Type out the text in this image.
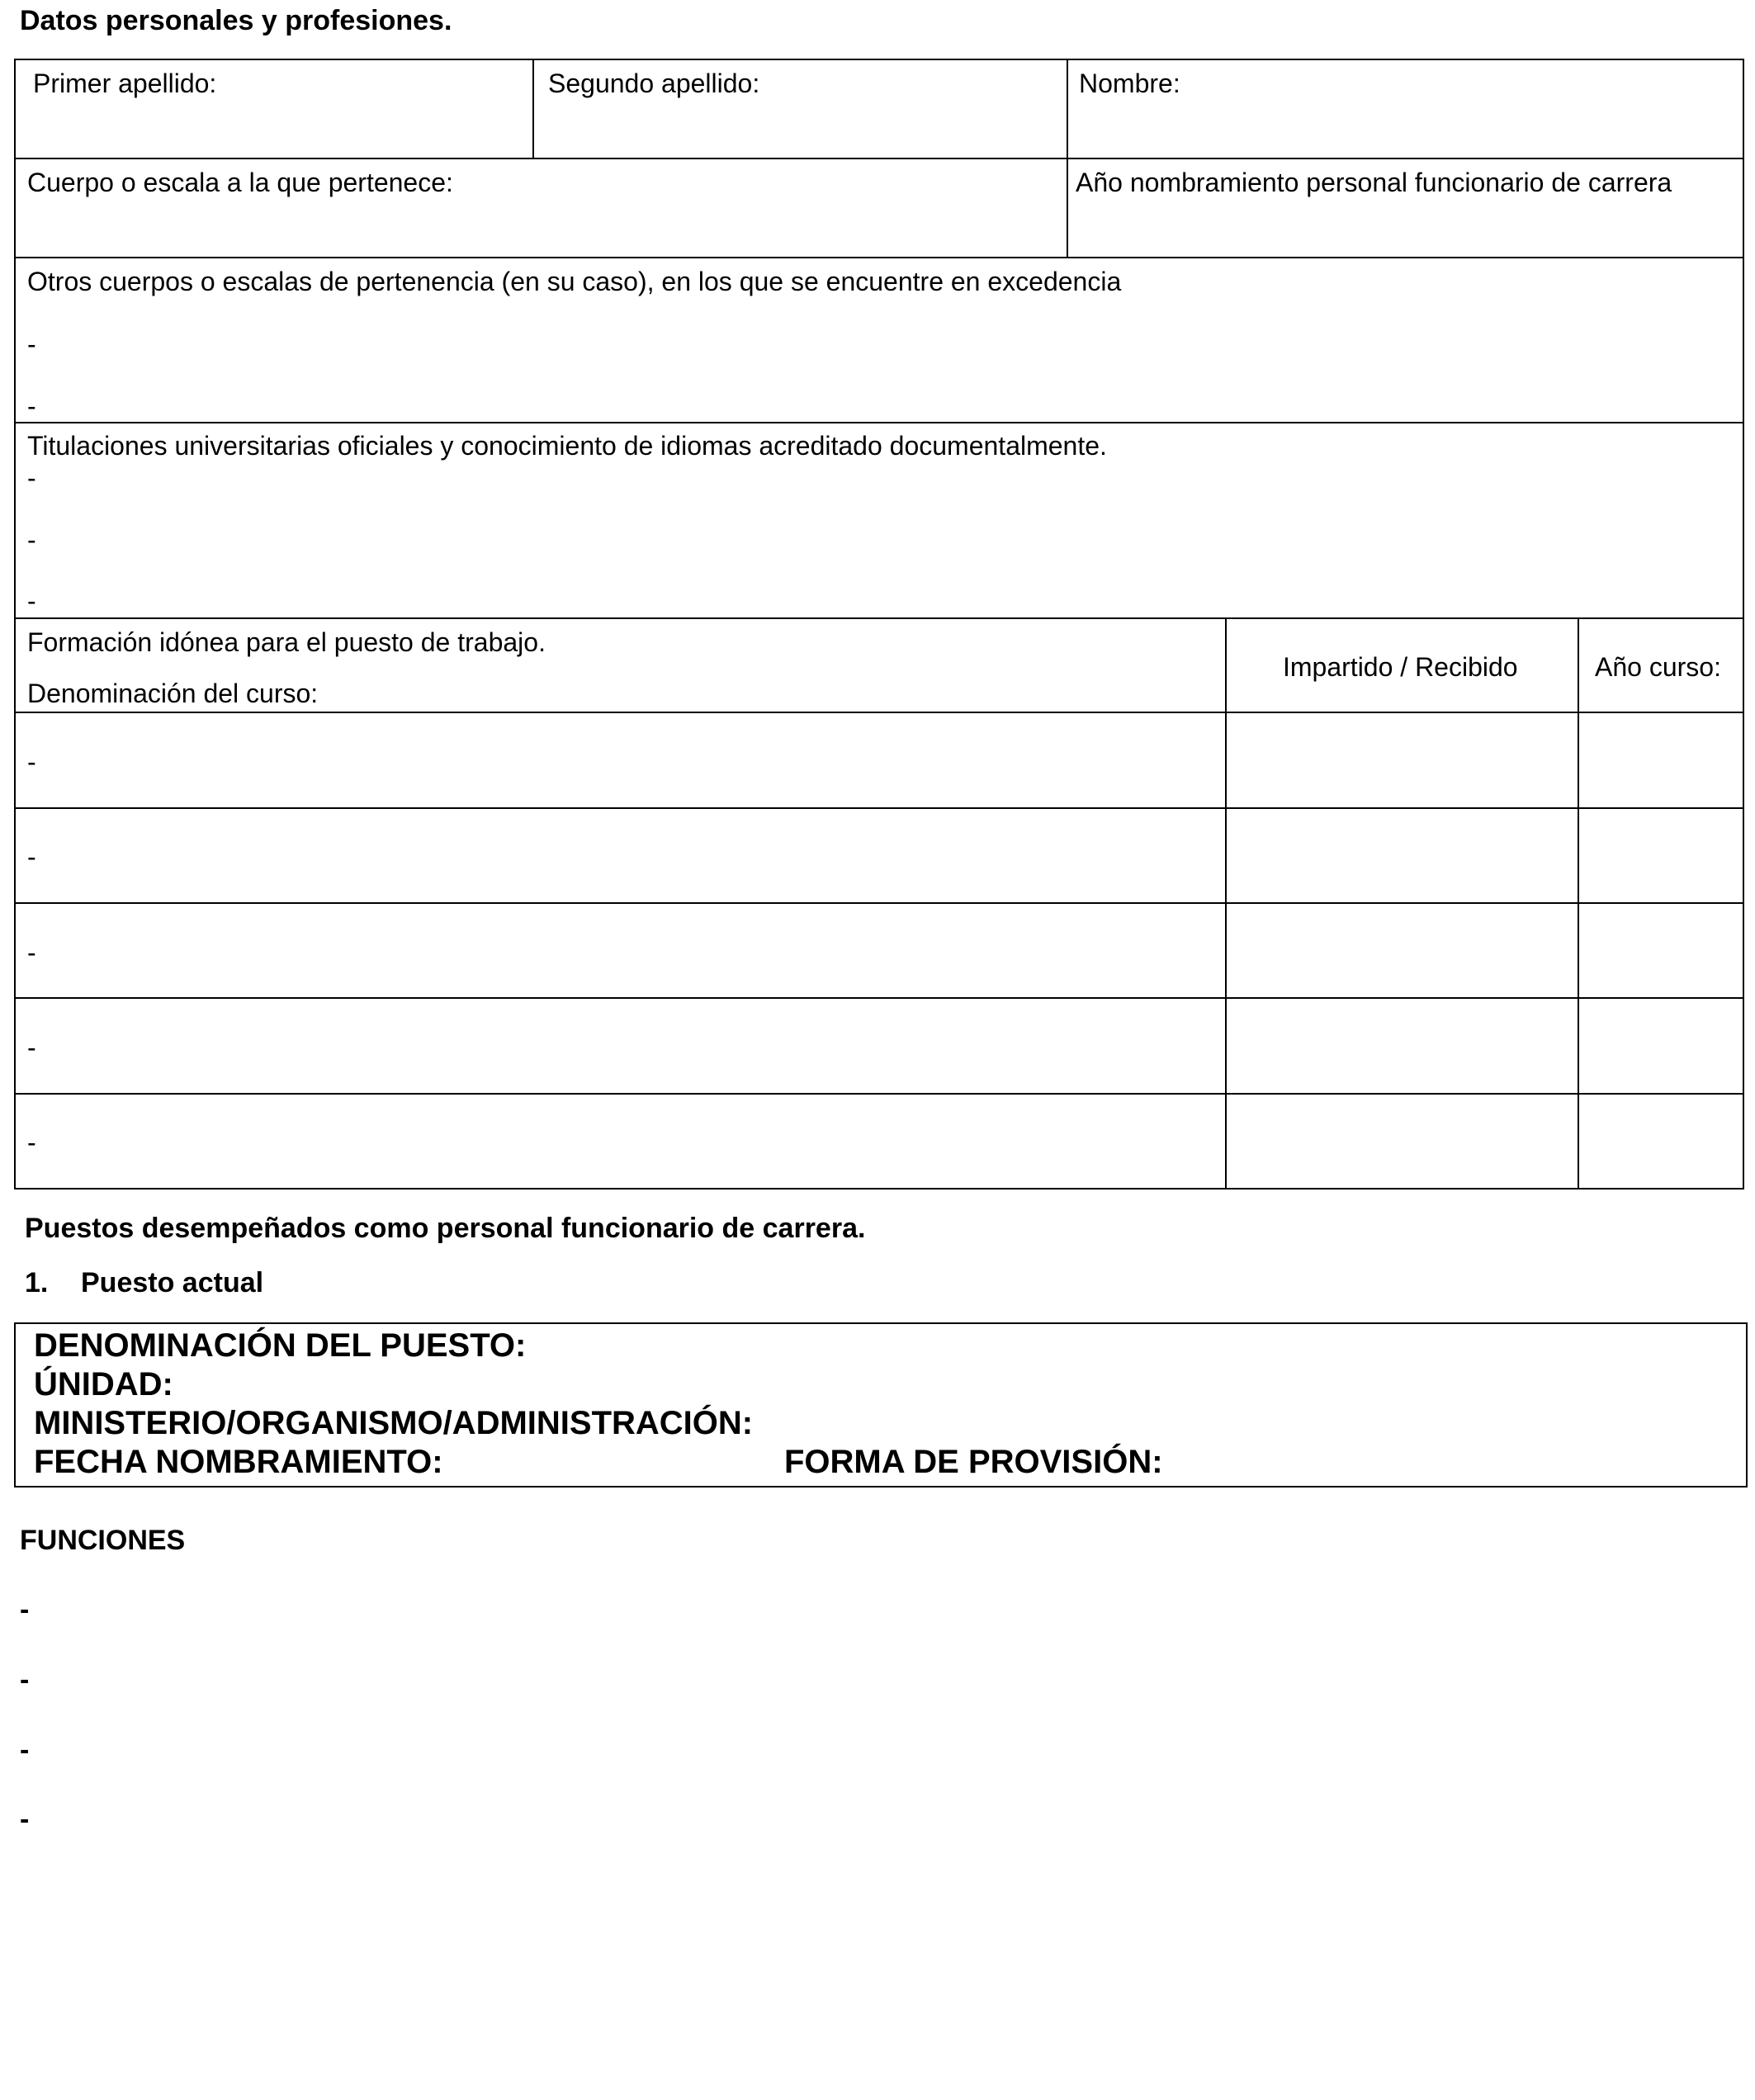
Datos personales y profesiones.
Primer apellido:	Segundo apellido:	Nombre:
Cuerpo o escala a la que pertenece:	Año nombramiento personal funcionario de carrera
Otros cuerpos o escalas de pertenencia (en su caso), en los que se encuentre en excedencia
-
-
Titulaciones universitarias oficiales y conocimiento de idiomas acreditado documentalmente.
-
-
-
Formación idónea para el puesto de trabajo.
Denominación del curso:
Impartido / Recibido	Año curso:
-
-
-
-
-
Puestos desempeñados como personal funcionario de carrera.
1. Puesto actual
DENOMINACIÓN DEL PUESTO:
ÚNIDAD:
MINISTERIO/ORGANISMO/ADMINISTRACIÓN:
FECHA NOMBRAMIENTO:	FORMA DE PROVISIÓN:
FUNCIONES
-
-
-
-
